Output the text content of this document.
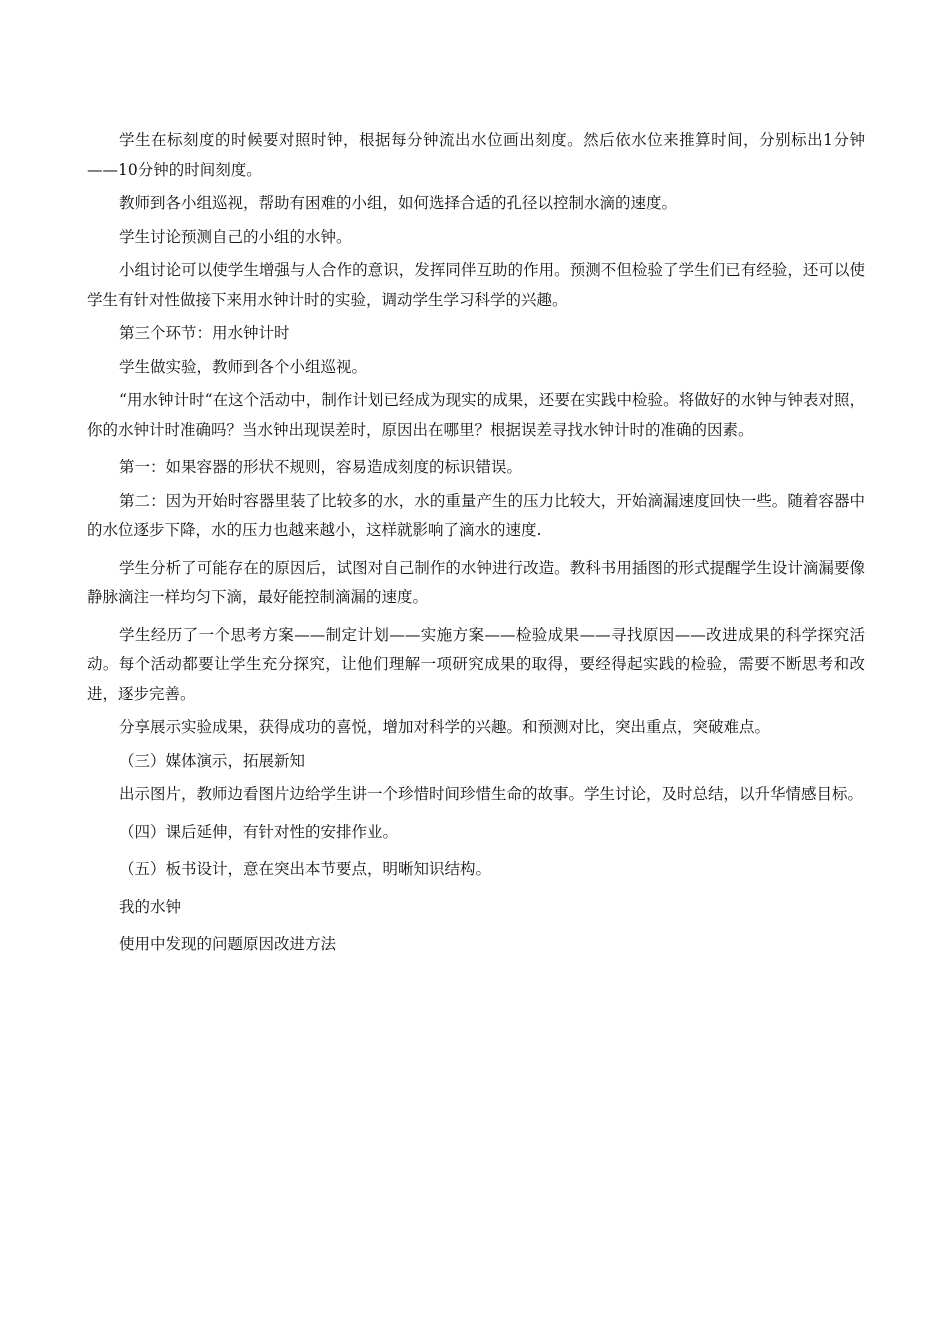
学生在标刻度的时候要对照时钟，根据每分钟流出水位画出刻度。然后依水位来推算时间，分别标出1分钟——10分钟的时间刻度。

教师到各小组巡视，帮助有困难的小组，如何选择合适的孔径以控制水滴的速度。

学生讨论预测自己的小组的水钟。

小组讨论可以使学生增强与人合作的意识，发挥同伴互助的作用。预测不但检验了学生们已有经验，还可以使学生有针对性做接下来用水钟计时的实验，调动学生学习科学的兴趣。

第三个环节：用水钟计时

学生做实验，教师到各个小组巡视。

“用水钟计时“在这个活动中，制作计划已经成为现实的成果，还要在实践中检验。将做好的水钟与钟表对照，你的水钟计时准确吗？当水钟出现误差时，原因出在哪里？根据误差寻找水钟计时的准确的因素。

第一：如果容器的形状不规则，容易造成刻度的标识错误。

第二：因为开始时容器里装了比较多的水，水的重量产生的压力比较大，开始滴漏速度回快一些。随着容器中的水位逐步下降，水的压力也越来越小，这样就影响了滴水的速度.

学生分析了可能存在的原因后，试图对自己制作的水钟进行改造。教科书用插图的形式提醒学生设计滴漏要像静脉滴注一样均匀下滴，最好能控制滴漏的速度。

学生经历了一个思考方案——制定计划——实施方案——检验成果——寻找原因——改进成果的科学探究活动。每个活动都要让学生充分探究，让他们理解一项研究成果的取得，要经得起实践的检验，需要不断思考和改进，逐步完善。

分享展示实验成果，获得成功的喜悦，增加对科学的兴趣。和预测对比，突出重点，突破难点。

（三）媒体演示，拓展新知

出示图片，教师边看图片边给学生讲一个珍惜时间珍惜生命的故事。学生讨论，及时总结，以升华情感目标。

（四）课后延伸，有针对性的安排作业。

（五）板书设计，意在突出本节要点，明晰知识结构。

我的水钟

使用中发现的问题原因改进方法
